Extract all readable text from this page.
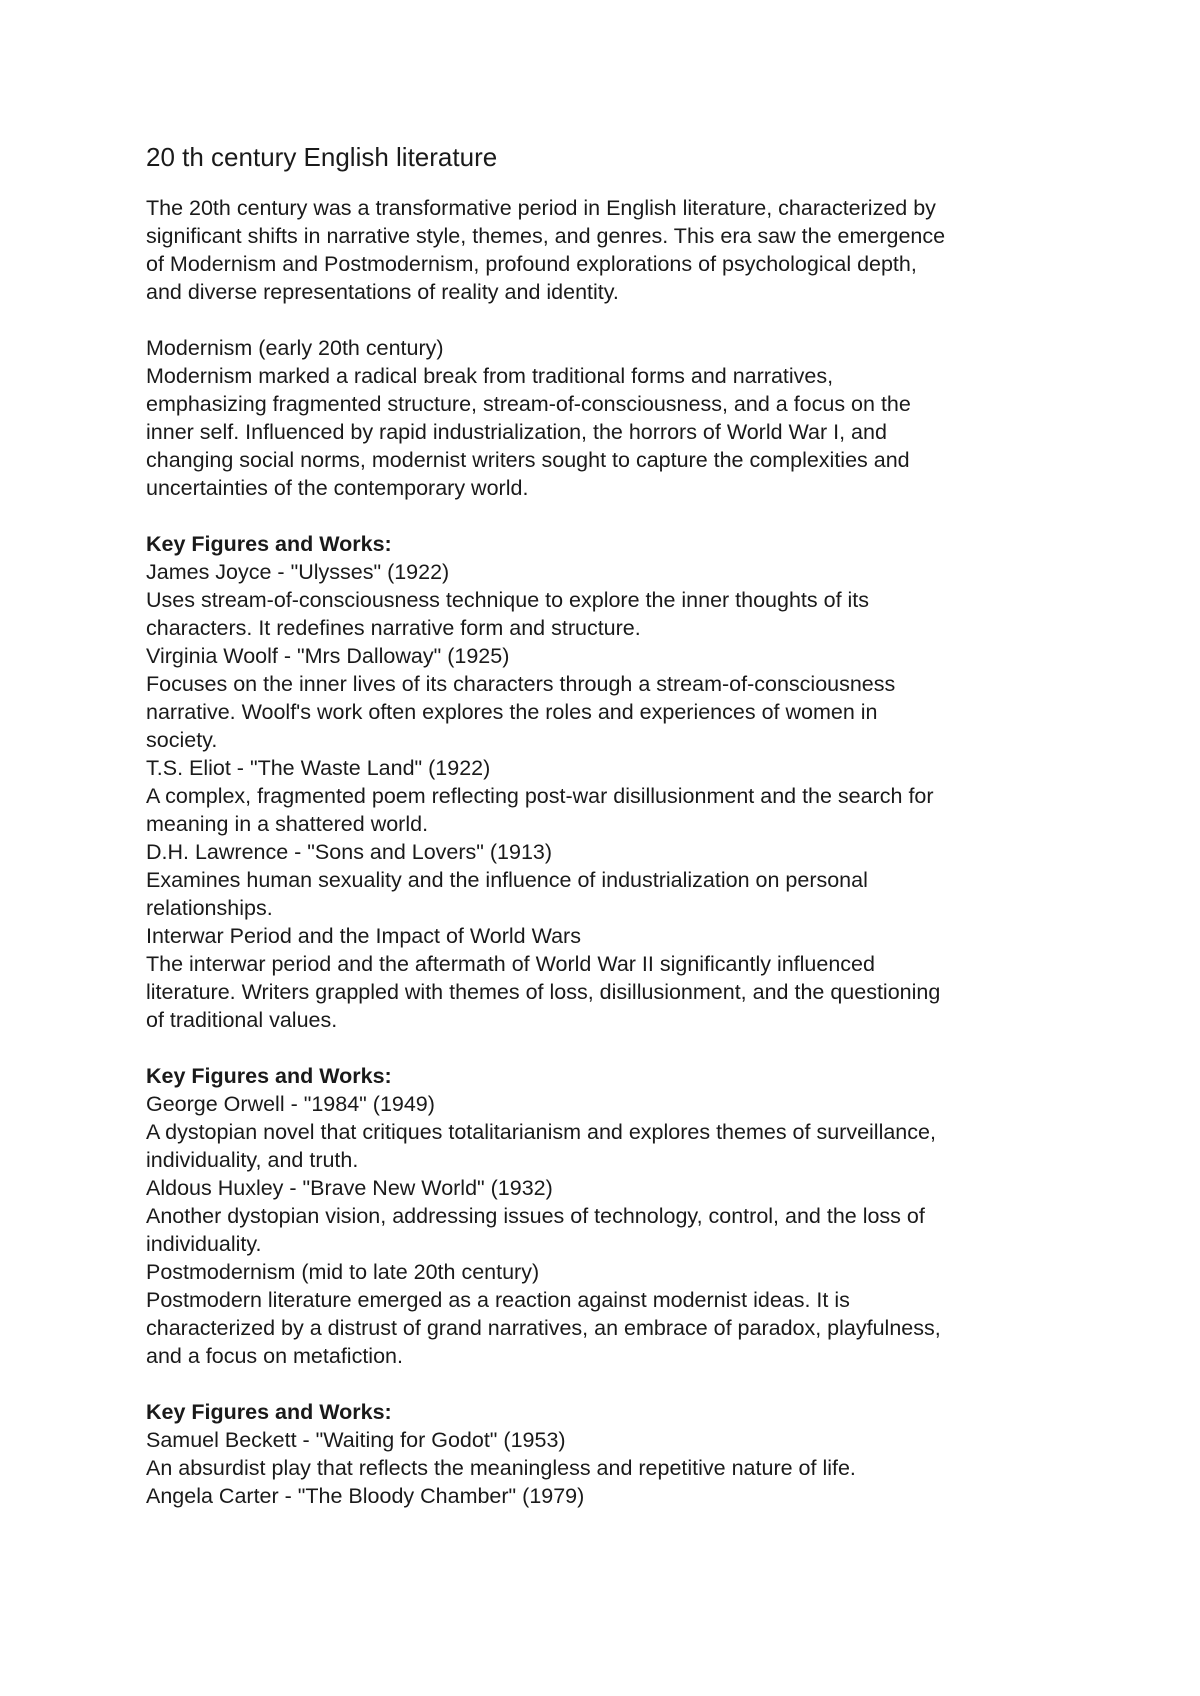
20 th century English literature
The 20th century was a transformative period in English literature, characterized by
significant shifts in narrative style, themes, and genres. This era saw the emergence
of Modernism and Postmodernism, profound explorations of psychological depth,
and diverse representations of reality and identity.
Modernism (early 20th century)
Modernism marked a radical break from traditional forms and narratives,
emphasizing fragmented structure, stream-of-consciousness, and a focus on the
inner self. Influenced by rapid industrialization, the horrors of World War I, and
changing social norms, modernist writers sought to capture the complexities and
uncertainties of the contemporary world.
Key Figures and Works:
James Joyce - "Ulysses" (1922)
Uses stream-of-consciousness technique to explore the inner thoughts of its
characters. It redefines narrative form and structure.
Virginia Woolf - "Mrs Dalloway" (1925)
Focuses on the inner lives of its characters through a stream-of-consciousness
narrative. Woolf's work often explores the roles and experiences of women in
society.
T.S. Eliot - "The Waste Land" (1922)
A complex, fragmented poem reflecting post-war disillusionment and the search for
meaning in a shattered world.
D.H. Lawrence - "Sons and Lovers" (1913)
Examines human sexuality and the influence of industrialization on personal
relationships.
Interwar Period and the Impact of World Wars
The interwar period and the aftermath of World War II significantly influenced
literature. Writers grappled with themes of loss, disillusionment, and the questioning
of traditional values.
Key Figures and Works:
George Orwell - "1984" (1949)
A dystopian novel that critiques totalitarianism and explores themes of surveillance,
individuality, and truth.
Aldous Huxley - "Brave New World" (1932)
Another dystopian vision, addressing issues of technology, control, and the loss of
individuality.
Postmodernism (mid to late 20th century)
Postmodern literature emerged as a reaction against modernist ideas. It is
characterized by a distrust of grand narratives, an embrace of paradox, playfulness,
and a focus on metafiction.
Key Figures and Works:
Samuel Beckett - "Waiting for Godot" (1953)
An absurdist play that reflects the meaningless and repetitive nature of life.
Angela Carter - "The Bloody Chamber" (1979)
